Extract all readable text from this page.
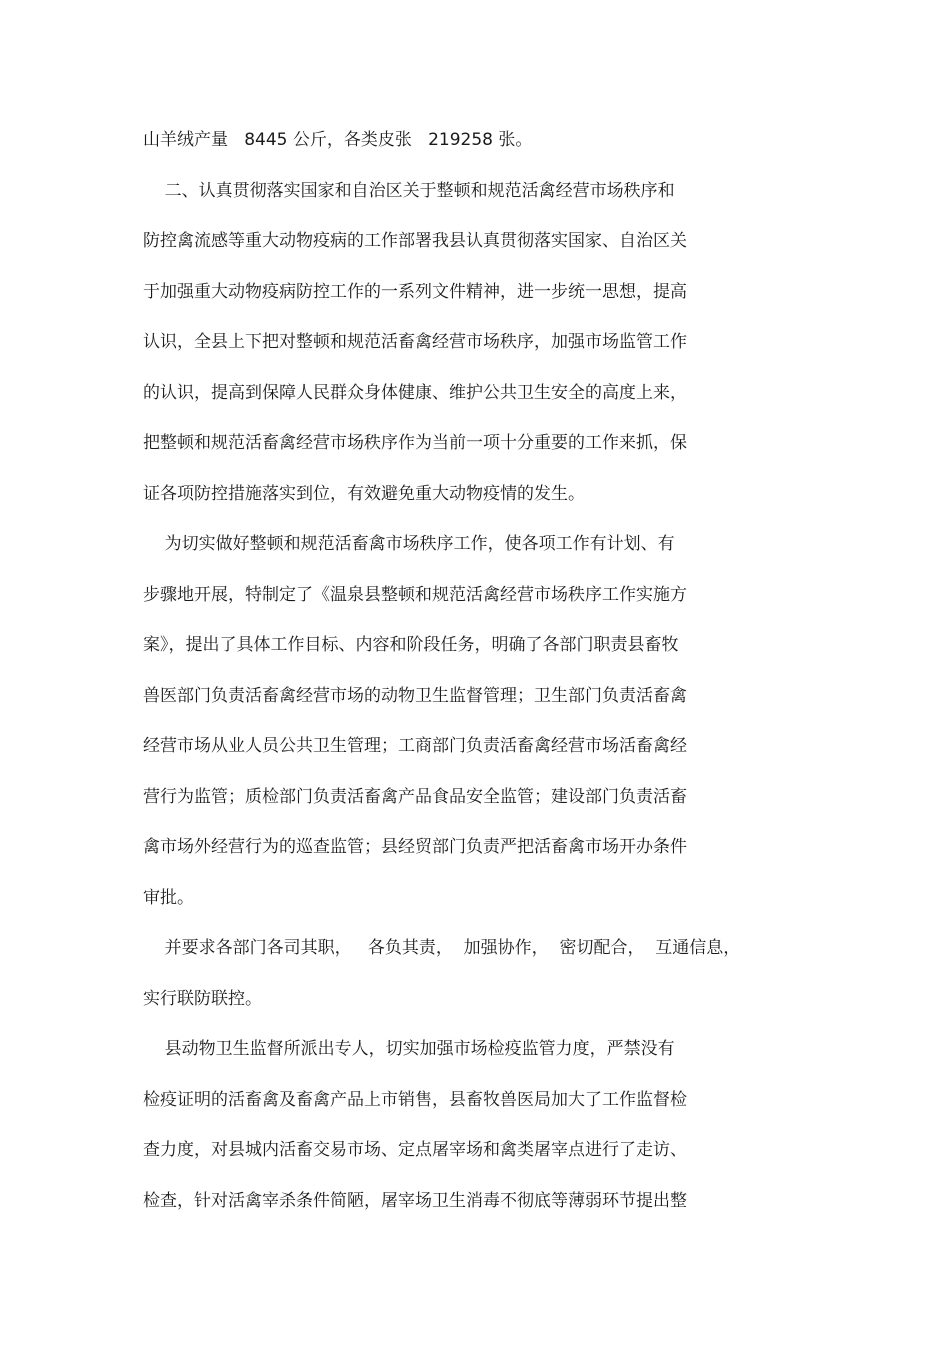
山羊绒产量   8445 公斤，各类皮张   219258 张。
二、认真贯彻落实国家和自治区关于整顿和规范活禽经营市场秩序和
防控禽流感等重大动物疫病的工作部署我县认真贯彻落实国家、自治区关
于加强重大动物疫病防控工作的一系列文件精神，进一步统一思想，提高
认识，全县上下把对整顿和规范活畜禽经营市场秩序，加强市场监管工作
的认识，提高到保障人民群众身体健康、维护公共卫生安全的高度上来，
把整顿和规范活畜禽经营市场秩序作为当前一项十分重要的工作来抓，保
证各项防控措施落实到位，有效避免重大动物疫情的发生。
为切实做好整顿和规范活畜禽市场秩序工作，使各项工作有计划、有
步骤地开展，特制定了《温泉县整顿和规范活禽经营市场秩序工作实施方
案》，提出了具体工作目标、内容和阶段任务，明确了各部门职责县畜牧
兽医部门负责活畜禽经营市场的动物卫生监督管理；卫生部门负责活畜禽
经营市场从业人员公共卫生管理；工商部门负责活畜禽经营市场活畜禽经
营行为监管；质检部门负责活畜禽产品食品安全监管；建设部门负责活畜
禽市场外经营行为的巡查监管；县经贸部门负责严把活畜禽市场开办条件
审批。
并要求各部门各司其职，   各负其责，  加强协作，  密切配合，  互通信息，
实行联防联控。
县动物卫生监督所派出专人，切实加强市场检疫监管力度，严禁没有
检疫证明的活畜禽及畜禽产品上市销售，县畜牧兽医局加大了工作监督检
查力度，对县城内活畜交易市场、定点屠宰场和禽类屠宰点进行了走访、
检查，针对活禽宰杀条件简陋，屠宰场卫生消毒不彻底等薄弱环节提出整
